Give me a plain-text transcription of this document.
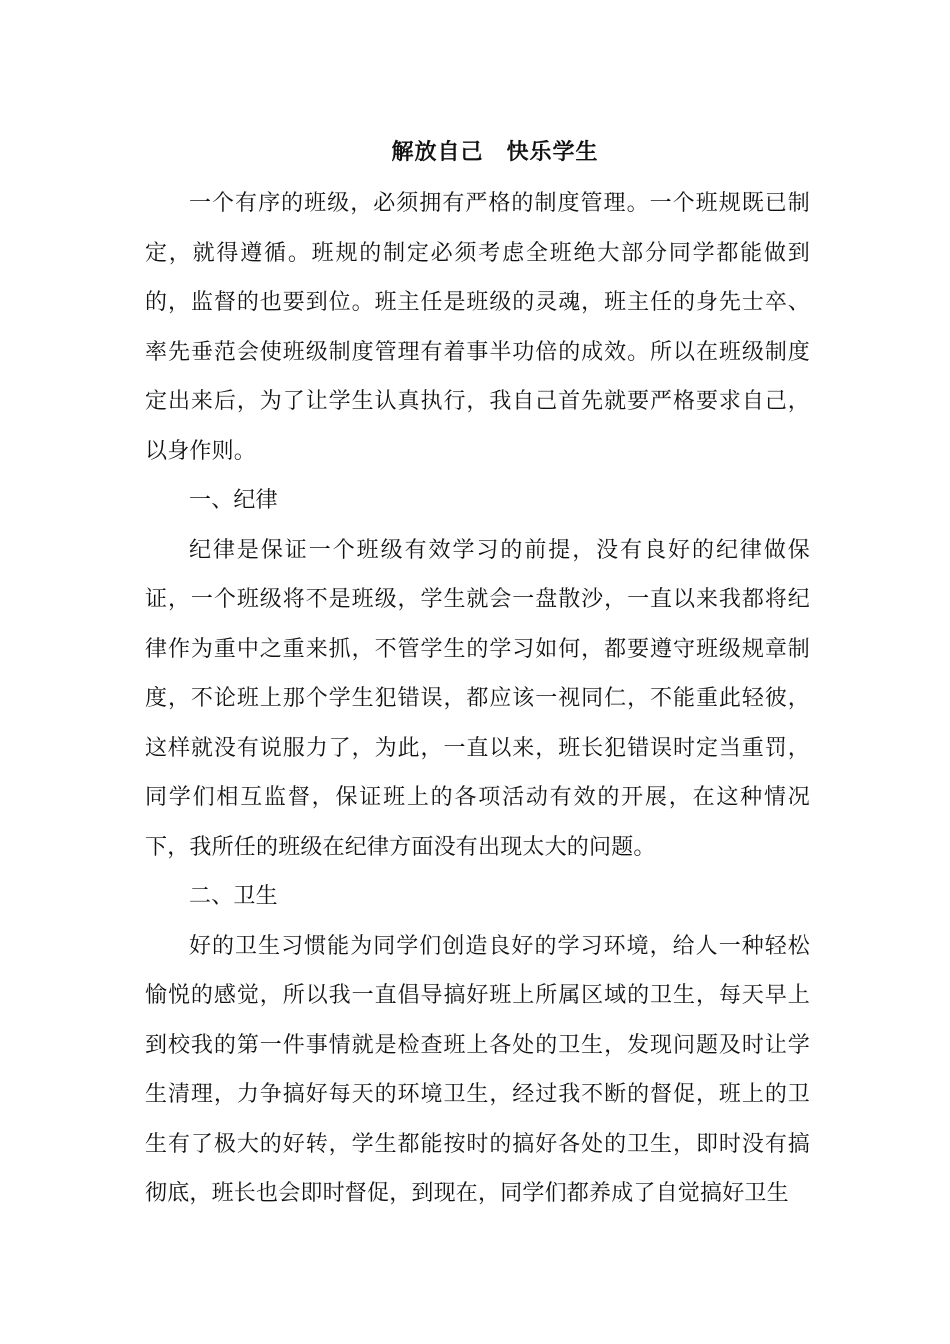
解放自己　快乐学生

一个有序的班级，必须拥有严格的制度管理。一个班规既已制定，就得遵循。班规的制定必须考虑全班绝大部分同学都能做到的，监督的也要到位。班主任是班级的灵魂，班主任的身先士卒、率先垂范会使班级制度管理有着事半功倍的成效。所以在班级制度定出来后，为了让学生认真执行，我自己首先就要严格要求自己，以身作则。

一、纪律

纪律是保证一个班级有效学习的前提，没有良好的纪律做保证，一个班级将不是班级，学生就会一盘散沙，一直以来我都将纪律作为重中之重来抓，不管学生的学习如何，都要遵守班级规章制度，不论班上那个学生犯错误，都应该一视同仁，不能重此轻彼，这样就没有说服力了，为此，一直以来，班长犯错误时定当重罚，同学们相互监督，保证班上的各项活动有效的开展，在这种情况下，我所任的班级在纪律方面没有出现太大的问题。

二、卫生

好的卫生习惯能为同学们创造良好的学习环境，给人一种轻松愉悦的感觉，所以我一直倡导搞好班上所属区域的卫生，每天早上到校我的第一件事情就是检查班上各处的卫生，发现问题及时让学生清理，力争搞好每天的环境卫生，经过我不断的督促，班上的卫生有了极大的好转，学生都能按时的搞好各处的卫生，即时没有搞彻底，班长也会即时督促，到现在，同学们都养成了自觉搞好卫生
